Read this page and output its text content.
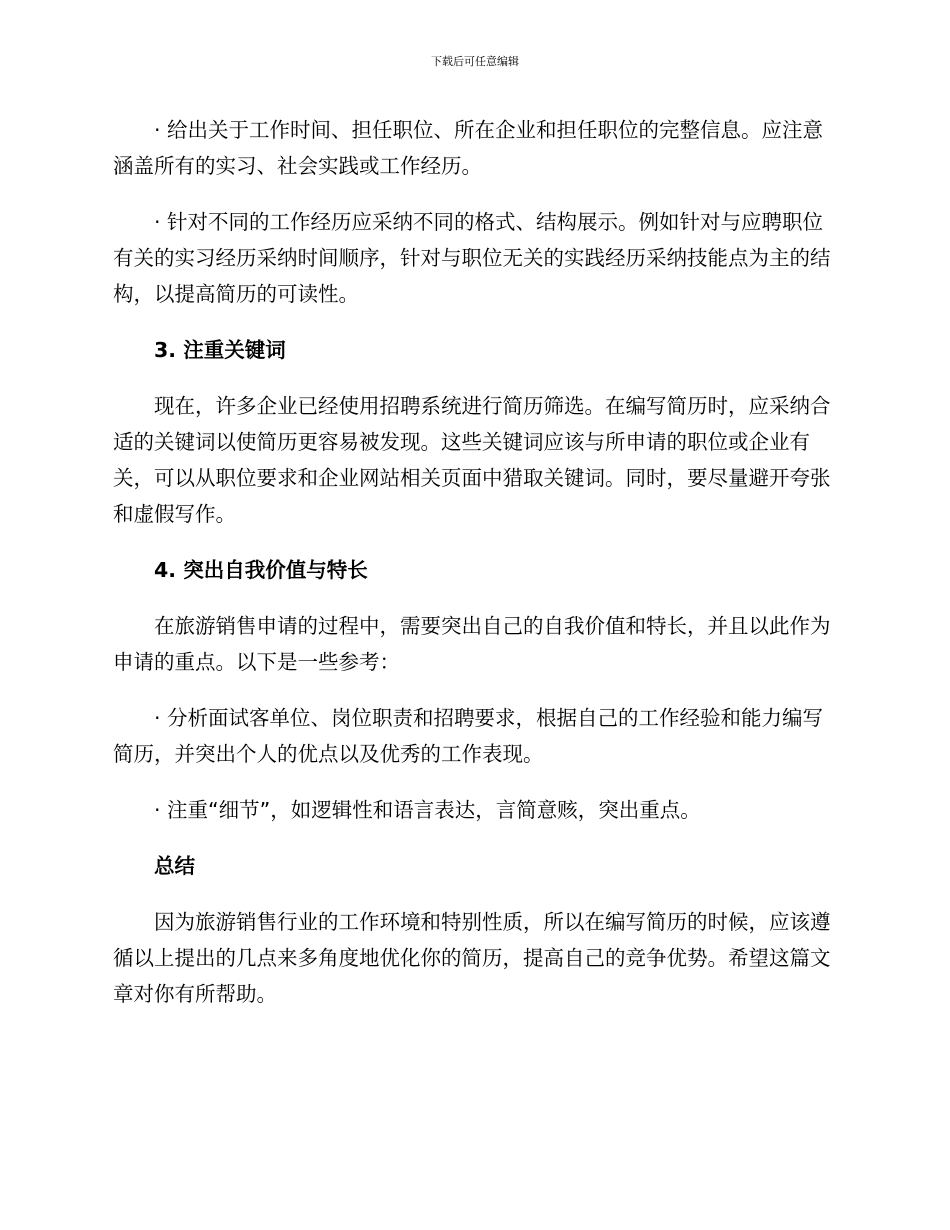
下载后可任意编辑

· 给出关于工作时间、担任职位、所在企业和担任职位的完整信息。应注意涵盖所有的实习、社会实践或工作经历。

· 针对不同的工作经历应采纳不同的格式、结构展示。例如针对与应聘职位有关的实习经历采纳时间顺序，针对与职位无关的实践经历采纳技能点为主的结构，以提高简历的可读性。

3. 注重关键词

现在，许多企业已经使用招聘系统进行简历筛选。在编写简历时，应采纳合适的关键词以使简历更容易被发现。这些关键词应该与所申请的职位或企业有关，可以从职位要求和企业网站相关页面中猎取关键词。同时，要尽量避开夸张和虚假写作。

4. 突出自我价值与特长

在旅游销售申请的过程中，需要突出自己的自我价值和特长，并且以此作为申请的重点。以下是一些参考：

· 分析面试客单位、岗位职责和招聘要求，根据自己的工作经验和能力编写简历，并突出个人的优点以及优秀的工作表现。

· 注重“细节”，如逻辑性和语言表达，言简意赅，突出重点。

总结

因为旅游销售行业的工作环境和特别性质，所以在编写简历的时候，应该遵循以上提出的几点来多角度地优化你的简历，提高自己的竞争优势。希望这篇文章对你有所帮助。
